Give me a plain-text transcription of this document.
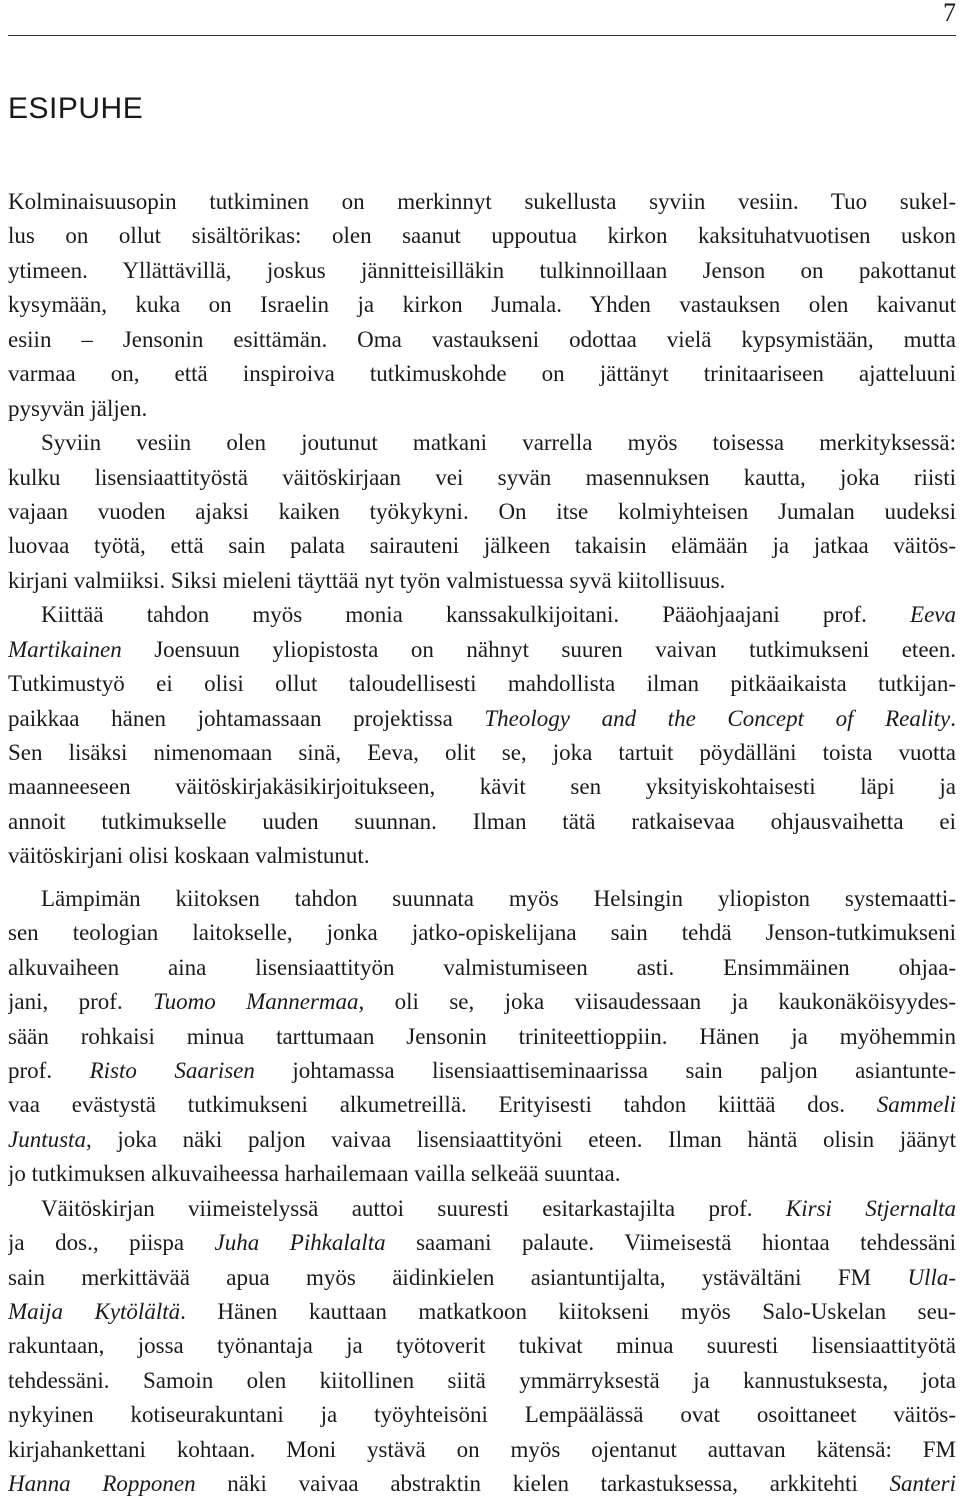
7
ESIPUHE
Kolminaisuusopin tutkiminen on merkinnyt sukellusta syviin vesiin. Tuo sukel-
lus on ollut sisältörikas: olen saanut uppoutua kirkon kaksituhatvuotisen uskon
ytimeen. Yllättävillä, joskus jännitteisilläkin tulkinnoillaan Jenson on pakottanut
kysymään, kuka on Israelin ja kirkon Jumala. Yhden vastauksen olen kaivanut
esiin – Jensonin esittämän. Oma vastaukseni odottaa vielä kypsymistään, mutta
varmaa on, että inspiroiva tutkimuskohde on jättänyt trinitaariseen ajatteluuni
pysyvän jäljen.
Syviin vesiin olen joutunut matkani varrella myös toisessa merkityksessä:
kulku lisensiaattityöstä väitöskirjaan vei syvän masennuksen kautta, joka riisti
vajaan vuoden ajaksi kaiken työkykyni. On itse kolmiyhteisen Jumalan uudeksi
luovaa työtä, että sain palata sairauteni jälkeen takaisin elämään ja jatkaa väitös-
kirjani valmiiksi. Siksi mieleni täyttää nyt työn valmistuessa syvä kiitollisuus.
Kiittää tahdon myös monia kanssakulkijoitani. Pääohjaajani prof. Eeva
Martikainen Joensuun yliopistosta on nähnyt suuren vaivan tutkimukseni eteen.
Tutkimustyö ei olisi ollut taloudellisesti mahdollista ilman pitkäaikaista tutkijan-
paikkaa hänen johtamassaan projektissa Theology and the Concept of Reality.
Sen lisäksi nimenomaan sinä, Eeva, olit se, joka tartuit pöydälläni toista vuotta
maanneeseen väitöskirjakäsikirjoitukseen, kävit sen yksityiskohtaisesti läpi ja
annoit tutkimukselle uuden suunnan. Ilman tätä ratkaisevaa ohjausvaihetta ei
väitöskirjani olisi koskaan valmistunut.
Lämpimän kiitoksen tahdon suunnata myös Helsingin yliopiston systemaatti-
sen teologian laitokselle, jonka jatko-opiskelijana sain tehdä Jenson-tutkimukseni
alkuvaiheen aina lisensiaattityön valmistumiseen asti. Ensimmäinen ohjaa-
jani, prof. Tuomo Mannermaa, oli se, joka viisaudessaan ja kaukonäköisyydes-
sään rohkaisi minua tarttumaan Jensonin triniteettioppiin. Hänen ja myöhemmin
prof. Risto Saarisen johtamassa lisensiaattiseminaarissa sain paljon asiantunte-
vaa evästystä tutkimukseni alkumetreillä. Erityisesti tahdon kiittää dos. Sammeli
Juntusta, joka näki paljon vaivaa lisensiaattityöni eteen. Ilman häntä olisin jäänyt
jo tutkimuksen alkuvaiheessa harhailemaan vailla selkeää suuntaa.
Väitöskirjan viimeistelyssä auttoi suuresti esitarkastajilta prof. Kirsi Stjernalta
ja dos., piispa Juha Pihkalalta saamani palaute. Viimeisestä hiontaa tehdessäni
sain merkittävää apua myös äidinkielen asiantuntijalta, ystävältäni FM Ulla-
Maija Kytölältä. Hänen kauttaan matkatkoon kiitokseni myös Salo-Uskelan seu-
rakuntaan, jossa työnantaja ja työtoverit tukivat minua suuresti lisensiaattityötä
tehdessäni. Samoin olen kiitollinen siitä ymmärryksestä ja kannustuksesta, jota
nykyinen kotiseurakuntani ja työyhteisöni Lempäälässä ovat osoittaneet väitös-
kirjahankettani kohtaan. Moni ystävä on myös ojentanut auttavan kätensä: FM
Hanna Ropponen näki vaivaa abstraktin kielen tarkastuksessa, arkkitehti Santeri
